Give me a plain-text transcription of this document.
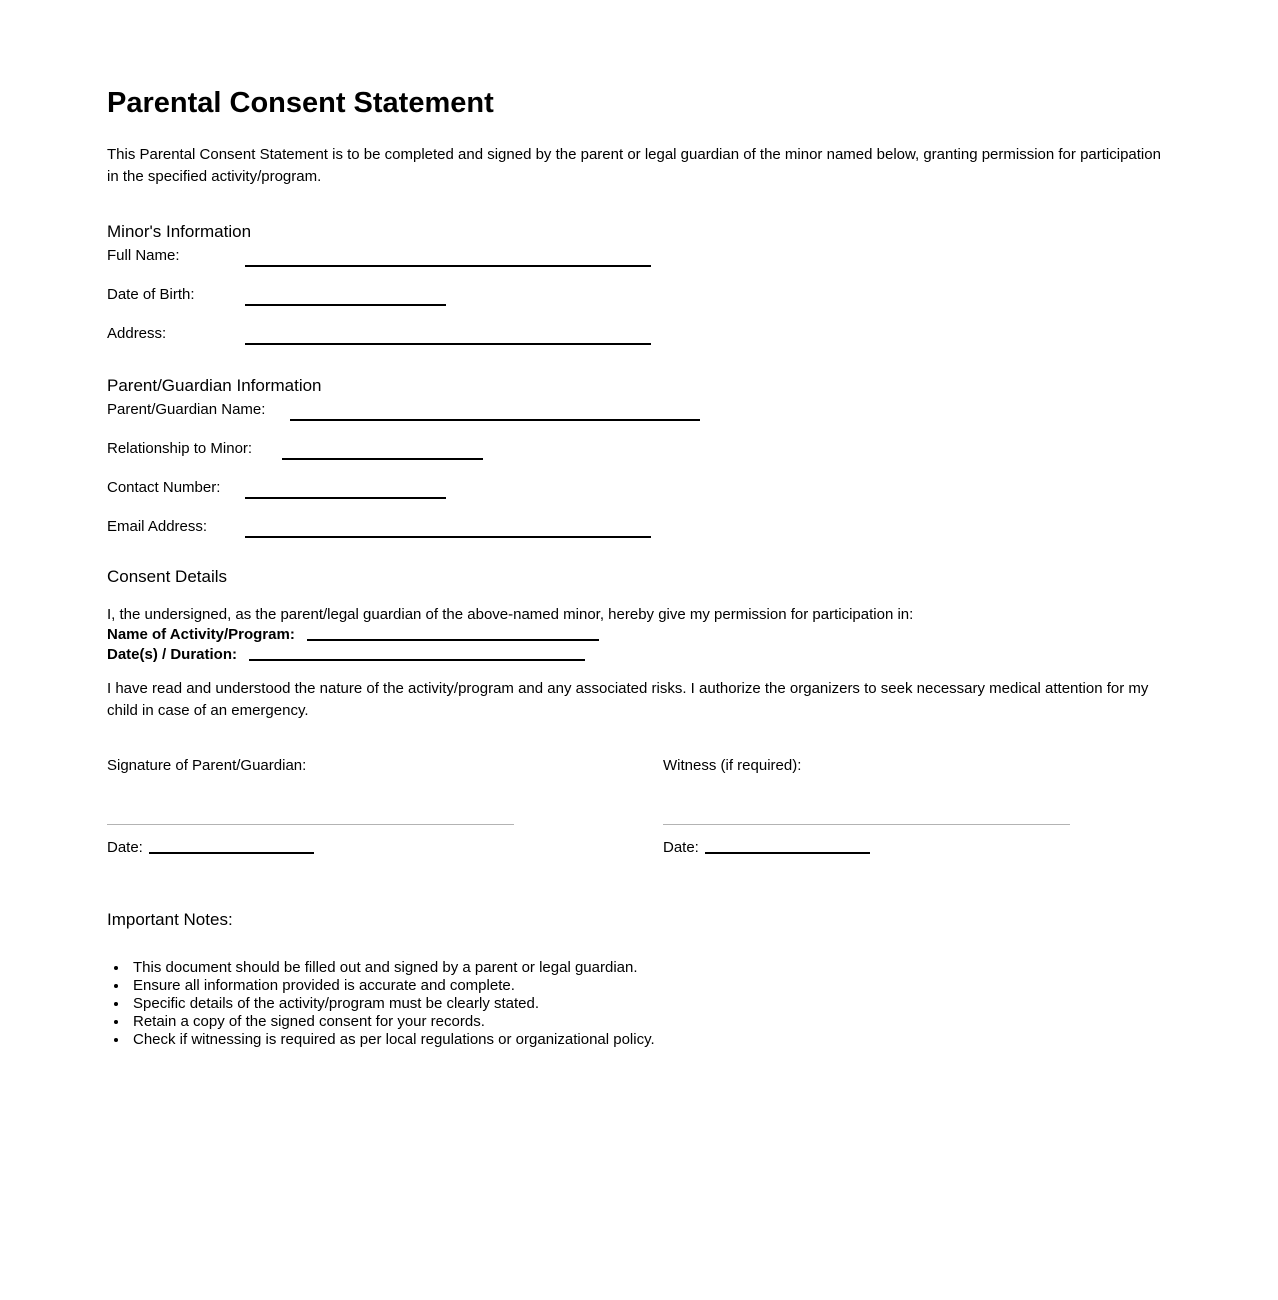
Parental Consent Statement

This Parental Consent Statement is to be completed and signed by the parent or legal guardian of the minor named below, granting permission for participation in the specified activity/program.

Minor's Information
Full Name:
Date of Birth:
Address:
Parent/Guardian Information
Parent/Guardian Name:
Relationship to Minor:
Contact Number:
Email Address:
Consent Details

I, the undersigned, as the parent/legal guardian of the above-named minor, hereby give my permission for participation in:

Name of Activity/Program:
Date(s) / Duration:

I have read and understood the nature of the activity/program and any associated risks. I authorize the organizers to seek necessary medical attention for my child in case of an emergency.

Signature of Parent/Guardian:
Date:
Witness (if required):
Date:
Important Notes:
• This document should be filled out and signed by a parent or legal guardian.
• Ensure all information provided is accurate and complete.
• Specific details of the activity/program must be clearly stated.
• Retain a copy of the signed consent for your records.
• Check if witnessing is required as per local regulations or organizational policy.
